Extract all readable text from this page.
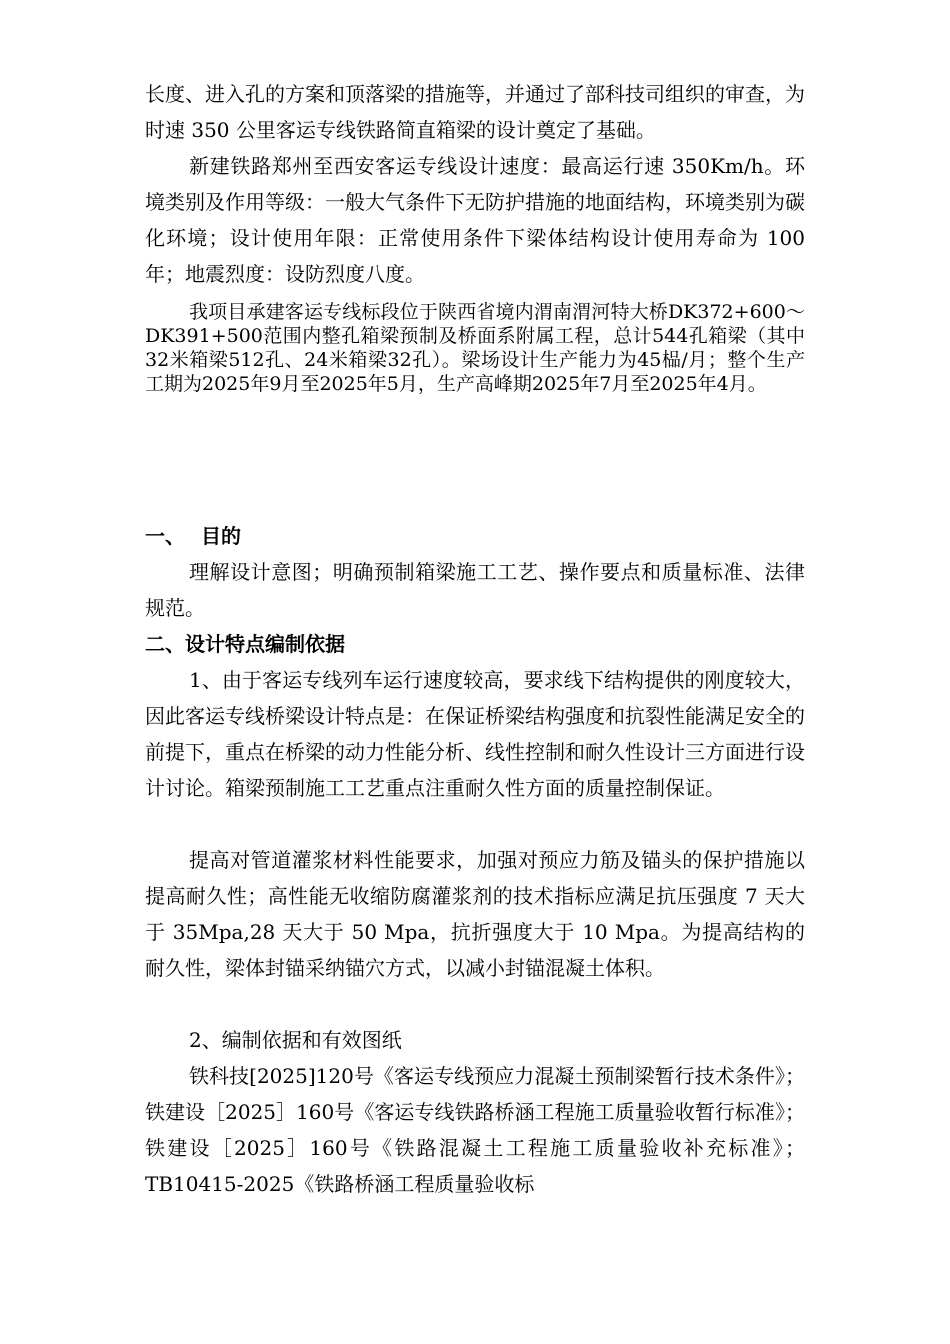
长度、进入孔的方案和顶落梁的措施等，并通过了部科技司组织的审查，为时速 350 公里客运专线铁路简直箱梁的设计奠定了基础。

新建铁路郑州至西安客运专线设计速度：最高运行速 350Km/h。环境类别及作用等级：一般大气条件下无防护措施的地面结构，环境类别为碳化环境；设计使用年限：正常使用条件下梁体结构设计使用寿命为 100 年；地震烈度：设防烈度八度。

我项目承建客运专线标段位于陕西省境内渭南渭河特大桥DK372+600～DK391+500范围内整孔箱梁预制及桥面系附属工程，总计544孔箱梁（其中32米箱梁512孔、24米箱梁32孔）。梁场设计生产能力为45榀/月；整个生产工期为2025年9月至2025年5月，生产高峰期2025年7月至2025年4月。

一、 目的

理解设计意图；明确预制箱梁施工工艺、操作要点和质量标准、法律规范。

二、设计特点编制依据

1、由于客运专线列车运行速度较高，要求线下结构提供的刚度较大，因此客运专线桥梁设计特点是：在保证桥梁结构强度和抗裂性能满足安全的前提下，重点在桥梁的动力性能分析、线性控制和耐久性设计三方面进行设计讨论。箱梁预制施工工艺重点注重耐久性方面的质量控制保证。

提高对管道灌浆材料性能要求，加强对预应力筋及锚头的保护措施以提高耐久性；高性能无收缩防腐灌浆剂的技术指标应满足抗压强度 7 天大于 35Mpa,28 天大于 50 Mpa，抗折强度大于 10 Mpa。为提高结构的耐久性，梁体封锚采纳锚穴方式，以减小封锚混凝土体积。

2、编制依据和有效图纸

铁科技[2025]120号《客运专线预应力混凝土预制梁暂行技术条件》；铁建设［2025］160号《客运专线铁路桥涵工程施工质量验收暂行标准》；铁建设［2025］160号《铁路混凝土工程施工质量验收补充标准》；TB10415-2025《铁路桥涵工程质量验收标
